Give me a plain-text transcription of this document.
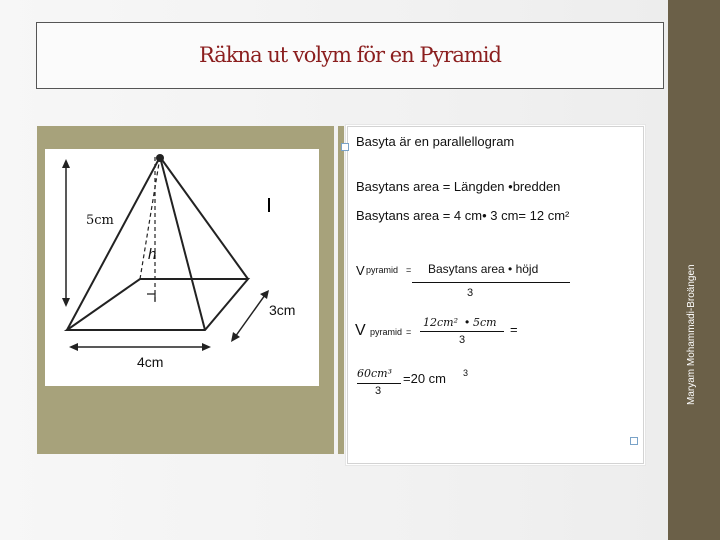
Maryam Mohammadi-Broängen
Räkna ut volym för en Pyramid
5cm
h
3cm
4cm
Basyta är en parallellogram
Basytans area = Längden •bredden
Basytans area = 4 cm• 3 cm= 12 cm²
V pyramid = Basytans area • höjd
3
V pyramid =
12cm² • 5cm
3
=
60cm³
3
=20 cm 3
